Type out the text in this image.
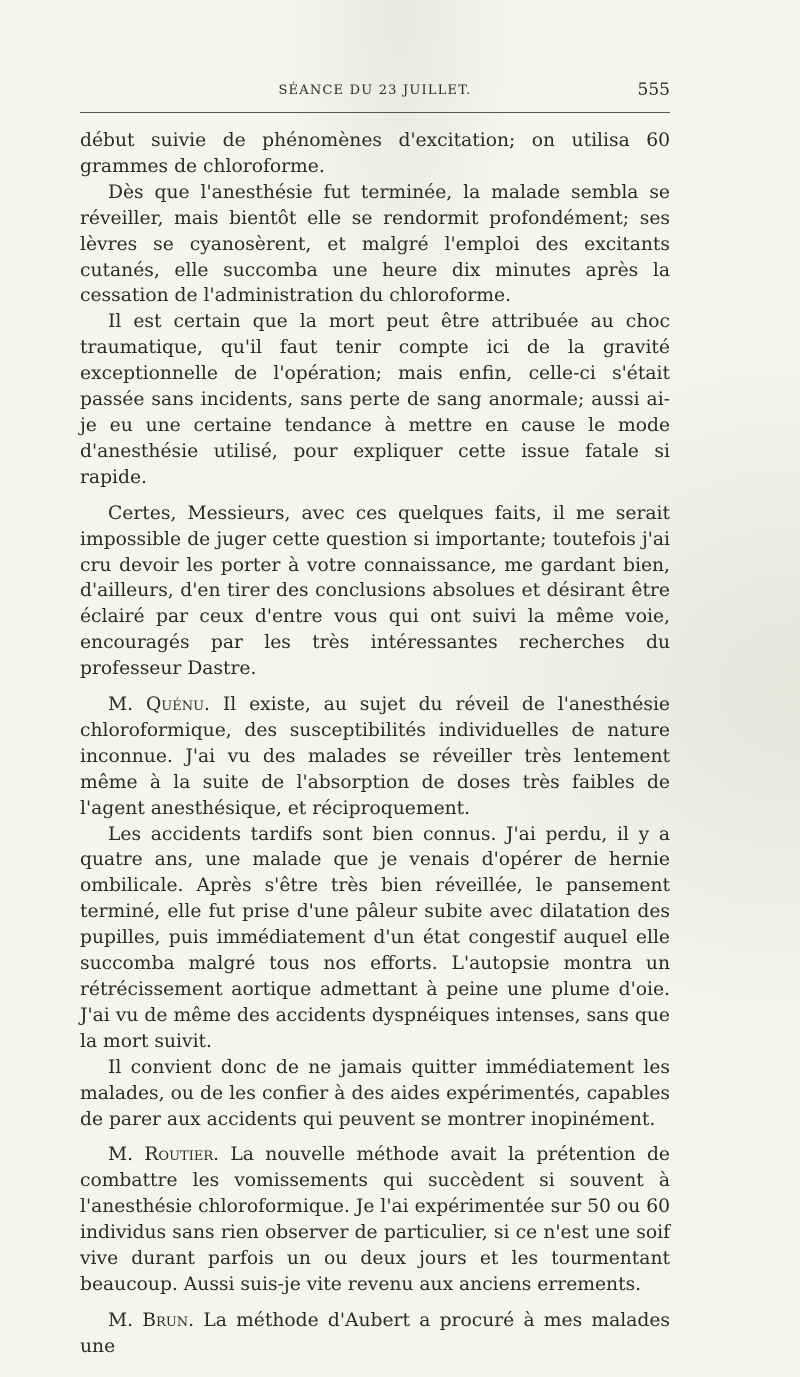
SÉANCE DU 23 JUILLET.	555

début suivie de phénomènes d'excitation; on utilisa 60 grammes de chloroforme.

Dès que l'anesthésie fut terminée, la malade sembla se réveiller, mais bientôt elle se rendormit profondément; ses lèvres se cyanosèrent, et malgré l'emploi des excitants cutanés, elle succomba une heure dix minutes après la cessation de l'administration du chloroforme.

Il est certain que la mort peut être attribuée au choc traumatique, qu'il faut tenir compte ici de la gravité exceptionnelle de l'opération; mais enfin, celle-ci s'était passée sans incidents, sans perte de sang anormale; aussi ai-je eu une certaine tendance à mettre en cause le mode d'anesthésie utilisé, pour expliquer cette issue fatale si rapide.

Certes, Messieurs, avec ces quelques faits, il me serait impossible de juger cette question si importante; toutefois j'ai cru devoir les porter à votre connaissance, me gardant bien, d'ailleurs, d'en tirer des conclusions absolues et désirant être éclairé par ceux d'entre vous qui ont suivi la même voie, encouragés par les très intéressantes recherches du professeur Dastre.

M. Quénu. Il existe, au sujet du réveil de l'anesthésie chloroformique, des susceptibilités individuelles de nature inconnue. J'ai vu des malades se réveiller très lentement même à la suite de l'absorption de doses très faibles de l'agent anesthésique, et réciproquement.

Les accidents tardifs sont bien connus. J'ai perdu, il y a quatre ans, une malade que je venais d'opérer de hernie ombilicale. Après s'être très bien réveillée, le pansement terminé, elle fut prise d'une pâleur subite avec dilatation des pupilles, puis immédiatement d'un état congestif auquel elle succomba malgré tous nos efforts. L'autopsie montra un rétrécissement aortique admettant à peine une plume d'oie. J'ai vu de même des accidents dyspnéiques intenses, sans que la mort suivit.

Il convient donc de ne jamais quitter immédiatement les malades, ou de les confier à des aides expérimentés, capables de parer aux accidents qui peuvent se montrer inopinément.

M. Routier. La nouvelle méthode avait la prétention de combattre les vomissements qui succèdent si souvent à l'anesthésie chloroformique. Je l'ai expérimentée sur 50 ou 60 individus sans rien observer de particulier, si ce n'est une soif vive durant parfois un ou deux jours et les tourmentant beaucoup. Aussi suis-je vite revenu aux anciens errements.

M. Brun. La méthode d'Aubert a procuré à mes malades une
